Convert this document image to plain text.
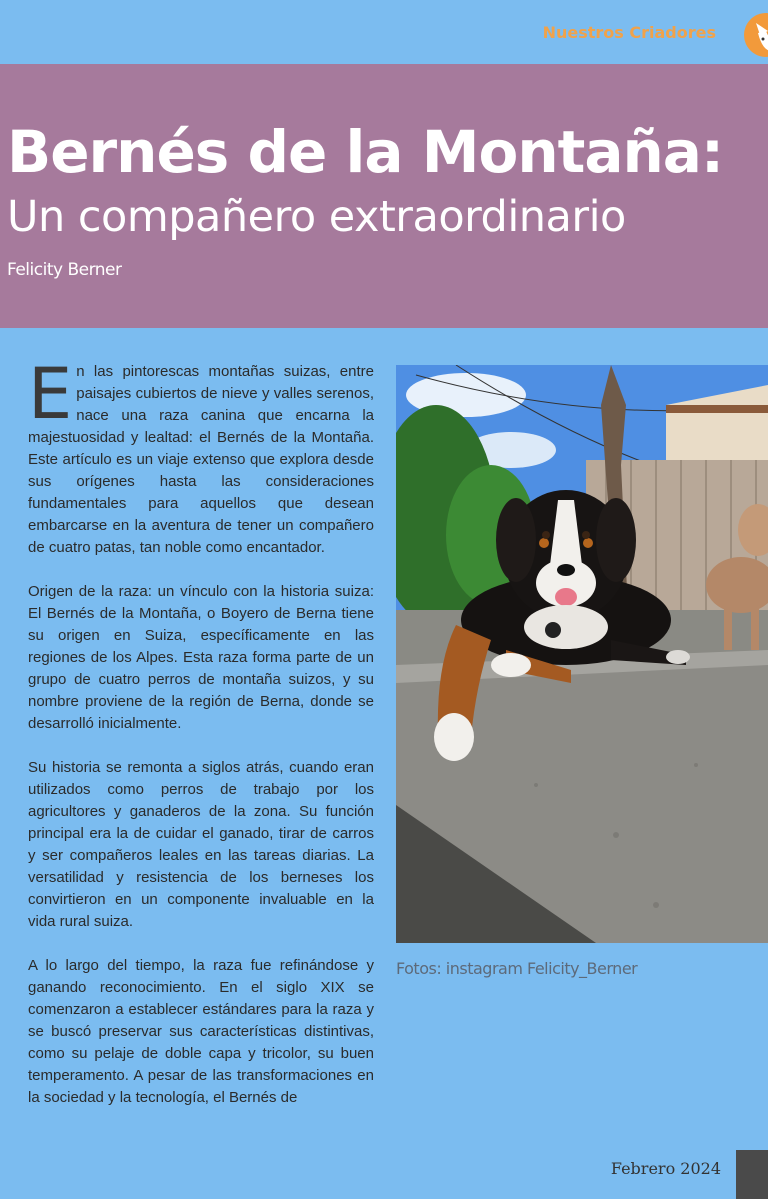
Nuestros Criadores
Bernés de la Montaña:
Un compañero extraordinario
Felicity Berner

En las pintorescas montañas suizas, entre paisajes cubiertos de nieve y valles serenos, nace una raza canina que encarna la majestuosidad y lealtad: el Bernés de la Montaña. Este artículo es un viaje extenso que explora desde sus orígenes hasta las consideraciones fundamentales para aquellos que desean embarcarse en la aventura de tener un compañero de cuatro patas, tan noble como encantador.

Origen de la raza: un vínculo con la historia suiza: El Bernés de la Montaña, o Boyero de Berna tiene su origen en Suiza, específicamente en las regiones de los Alpes. Esta raza forma parte de un grupo de cuatro perros de montaña suizos, y su nombre proviene de la región de Berna, donde se desarrolló inicialmente.

Su historia se remonta a siglos atrás, cuando eran utilizados como perros de trabajo por los agricultores y ganaderos de la zona. Su función principal era la de cuidar el ganado, tirar de carros y ser compañeros leales en las tareas diarias. La versatilidad y resistencia de los berneses los convirtieron en un componente invaluable en la vida rural suiza.

A lo largo del tiempo, la raza fue refinándose y ganando reconocimiento. En el siglo XIX se comenzaron a establecer estándares para la raza y se buscó preservar sus características distintivas, como su pelaje de doble capa y tricolor, su buen temperamento. A pesar de las transformaciones en la sociedad y la tecnología, el Bernés de

Fotos: instagram Felicity_Berner
Febrero 2024
